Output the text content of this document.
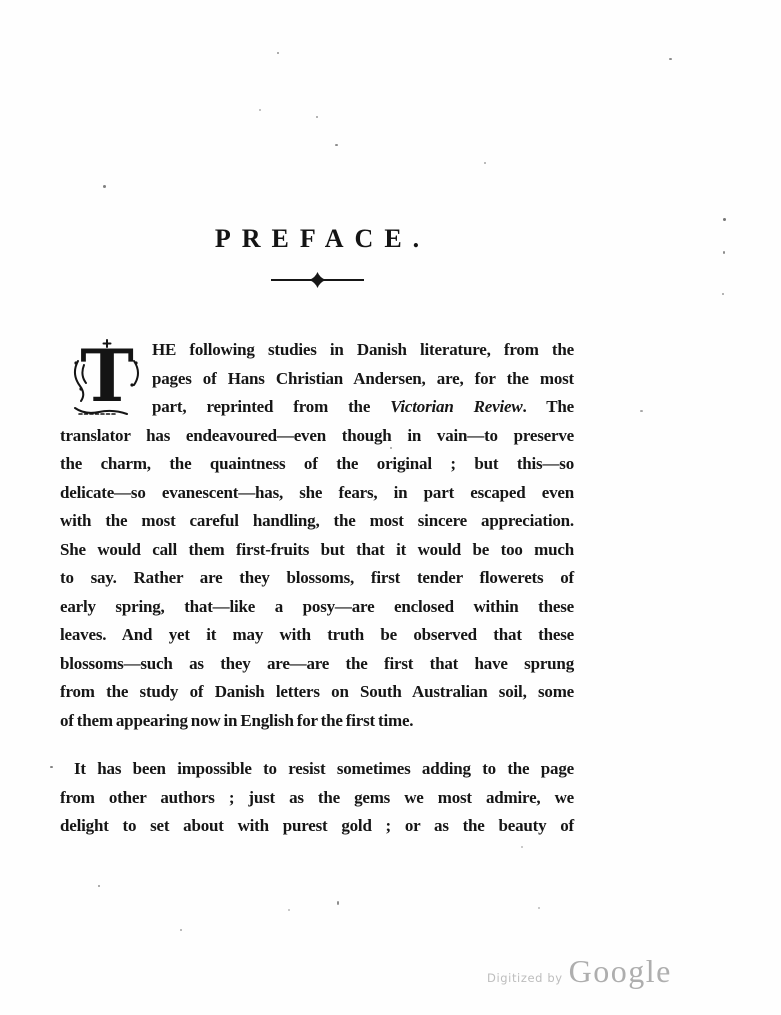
PREFACE.
T	HE following studies in Danish literature, from the
pages of Hans Christian Andersen, are, for the most
part, reprinted from the Victorian Review. The
translator has endeavoured—even though in vain—to preserve
the charm, the quaintness of the original ; but this—so
delicate—so evanescent—has, she fears, in part escaped even
with the most careful handling, the most sincere appreciation.
She would call them first-fruits but that it would be too much
to say. Rather are they blossoms, first tender flowerets of
early spring, that—like a posy—are enclosed within these
leaves. And yet it may with truth be observed that these
blossoms—such as they are—are the first that have sprung
from the study of Danish letters on South Australian soil, some
of them appearing now in English for the first time.
It has been impossible to resist sometimes adding to the page
from other authors ; just as the gems we most admire, we
delight to set about with purest gold ; or as the beauty of
Digitized by Google
